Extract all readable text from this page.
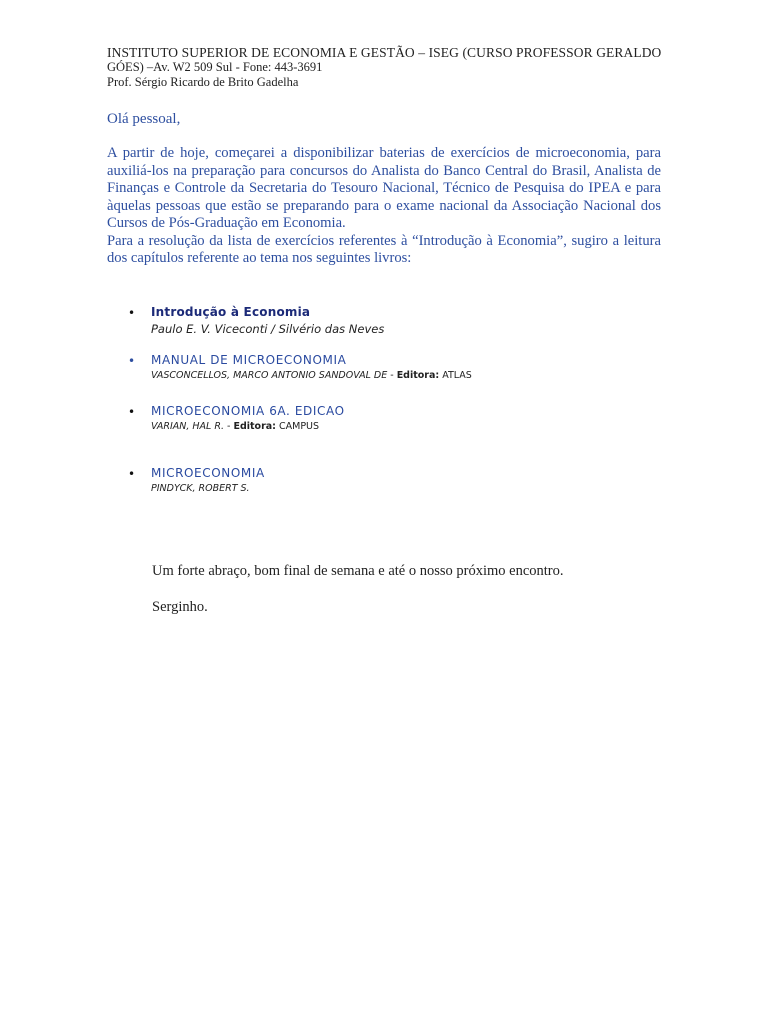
INSTITUTO SUPERIOR DE ECONOMIA E GESTÃO – ISEG (CURSO PROFESSOR GERALDO
GÓES) –Av. W2 509 Sul - Fone: 443-3691
Prof. Sérgio Ricardo de Brito Gadelha
Olá pessoal,

A partir de hoje, começarei a disponibilizar baterias de exercícios de microeconomia, para auxiliá-los na preparação para concursos do Analista do Banco Central do Brasil, Analista de Finanças e Controle da Secretaria do Tesouro Nacional, Técnico de Pesquisa do IPEA e para àquelas pessoas que estão se preparando para o exame nacional da Associação Nacional dos Cursos de Pós-Graduação em Economia.

Para a resolução da lista de exercícios referentes à “Introdução à Economia”, sugiro a leitura dos capítulos referente ao tema nos seguintes livros:

• Introdução à Economia
Paulo E. V. Viceconti / Silvério das Neves
• MANUAL DE MICROECONOMIA
VASCONCELLOS, MARCO ANTONIO SANDOVAL DE - Editora: ATLAS
• MICROECONOMIA 6A. EDICAO
VARIAN, HAL R. - Editora: CAMPUS
• MICROECONOMIA
PINDYCK, ROBERT S.
Um forte abraço, bom final de semana e até o nosso próximo encontro.
Serginho.
